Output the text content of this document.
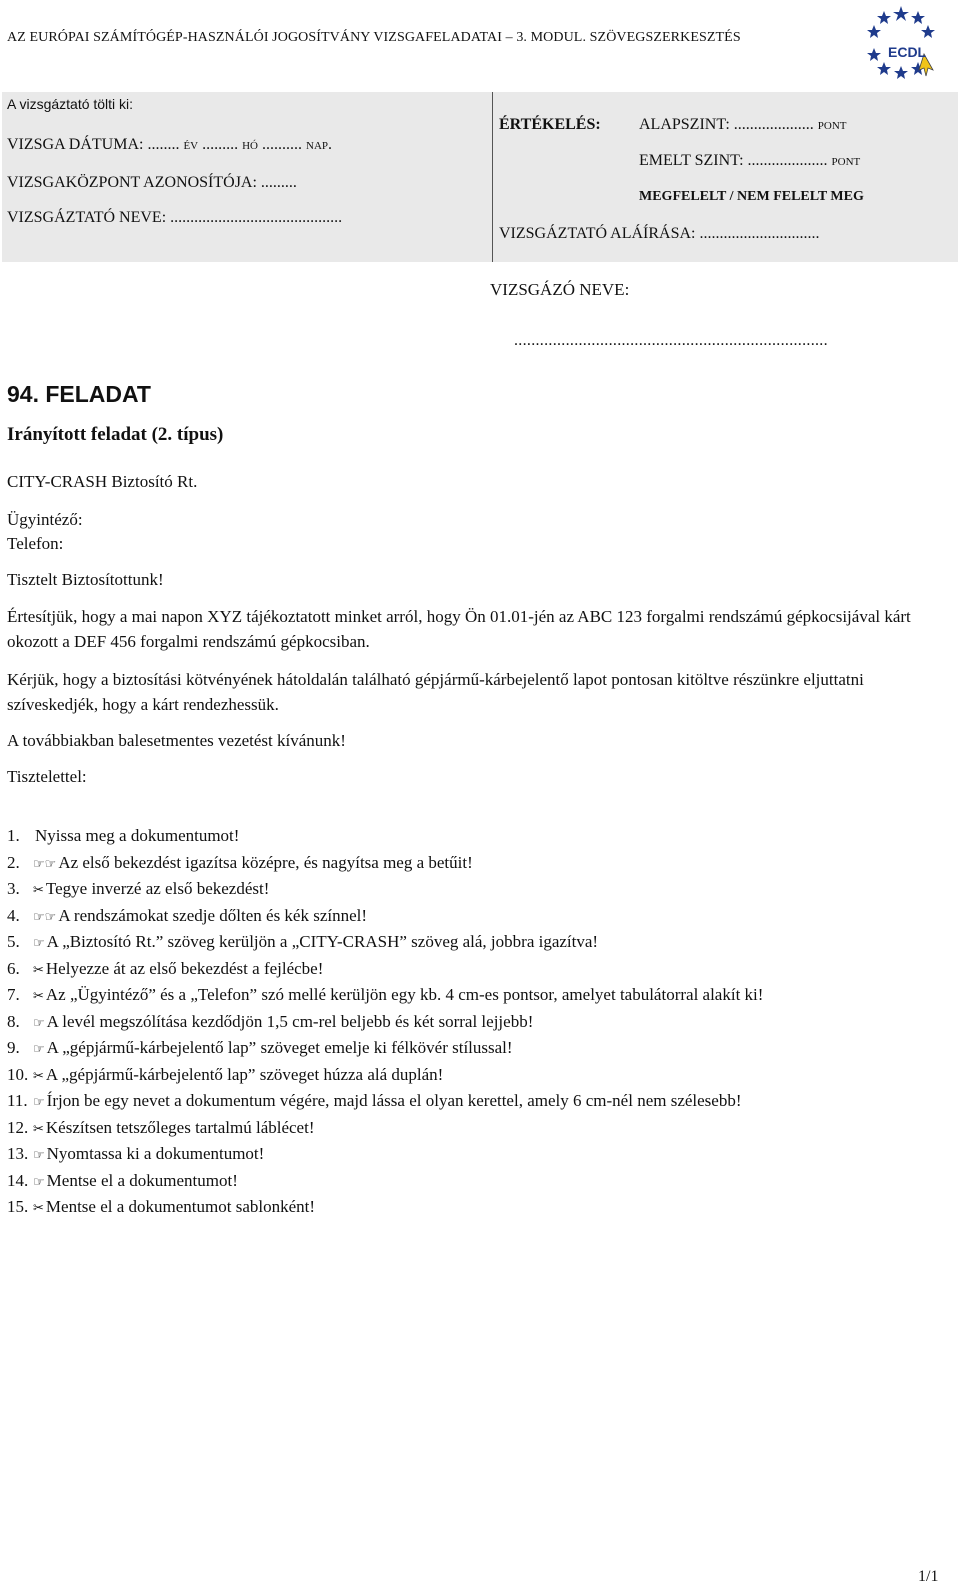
AZ EURÓPAI SZÁMÍTÓGÉP-HASZNÁLÓI JOGOSÍTVÁNY VIZSGAFELADATAI – 3. MODUL. SZÖVEGSZERKESZTÉS
ECDL
A vizsgáztató tölti ki:
VIZSGA DÁTUMA: ........ év ......... hó .......... nap.
VIZSGAKÖZPONT AZONOSÍTÓJA: .........
VIZSGÁZTATÓ NEVE: ...........................................
ÉRTÉKELÉS: ALAPSZINT: .................... pont
EMELT SZINT: .................... pont
MEGFELELT / NEM FELELT MEG
VIZSGÁZTATÓ ALÁÍRÁSA: ..............................
VIZSGÁZÓ NEVE:
.........................................................................
94. FELADAT
Irányított feladat (2. típus)
CITY-CRASH Biztosító Rt.
Ügyintéző:
Telefon:
Tisztelt Biztosítottunk!
Értesítjük, hogy a mai napon XYZ tájékoztatott minket arról, hogy Ön 01.01-jén az ABC 123 forgalmi rendszámú gépkocsijával kárt okozott a DEF 456 forgalmi rendszámú gépkocsiban.
Kérjük, hogy a biztosítási kötvényének hátoldalán található gépjármű-kárbejelentő lapot pontosan kitöltve részünkre eljuttatni szíveskedjék, hogy a kárt rendezhessük.
A továbbiakban balesetmentes vezetést kívánunk!
Tisztelettel:
1. Nyissa meg a dokumentumot!
2.	☞☞ Az első bekezdést igazítsa középre, és nagyítsa meg a betűit!
3.	✂ Tegye inverzé az első bekezdést!
4.	☞☞ A rendszámokat szedje dőlten és kék színnel!
5.	☞ A „Biztosító Rt.” szöveg kerüljön a „CITY-CRASH” szöveg alá, jobbra igazítva!
6.	✂ Helyezze át az első bekezdést a fejlécbe!
7.	✂ Az „Ügyintéző” és a „Telefon” szó mellé kerüljön egy kb. 4 cm-es pontsor, amelyet tabulátorral alakít ki!
8.	☞ A levél megszólítása kezdődjön 1,5 cm-rel beljebb és két sorral lejjebb!
9.	☞ A „gépjármű-kárbejelentő lap” szöveget emelje ki félkövér stílussal!
10. ✂ A „gépjármű-kárbejelentő lap” szöveget húzza alá duplán!
11. ☞ Írjon be egy nevet a dokumentum végére, majd lássa el olyan kerettel, amely 6 cm-nél nem szélesebb!
12. ✂ Készítsen tetszőleges tartalmú láblécet!
13. ☞ Nyomtassa ki a dokumentumot!
14. ☞ Mentse el a dokumentumot!
15. ✂ Mentse el a dokumentumot sablonként!
1/1
